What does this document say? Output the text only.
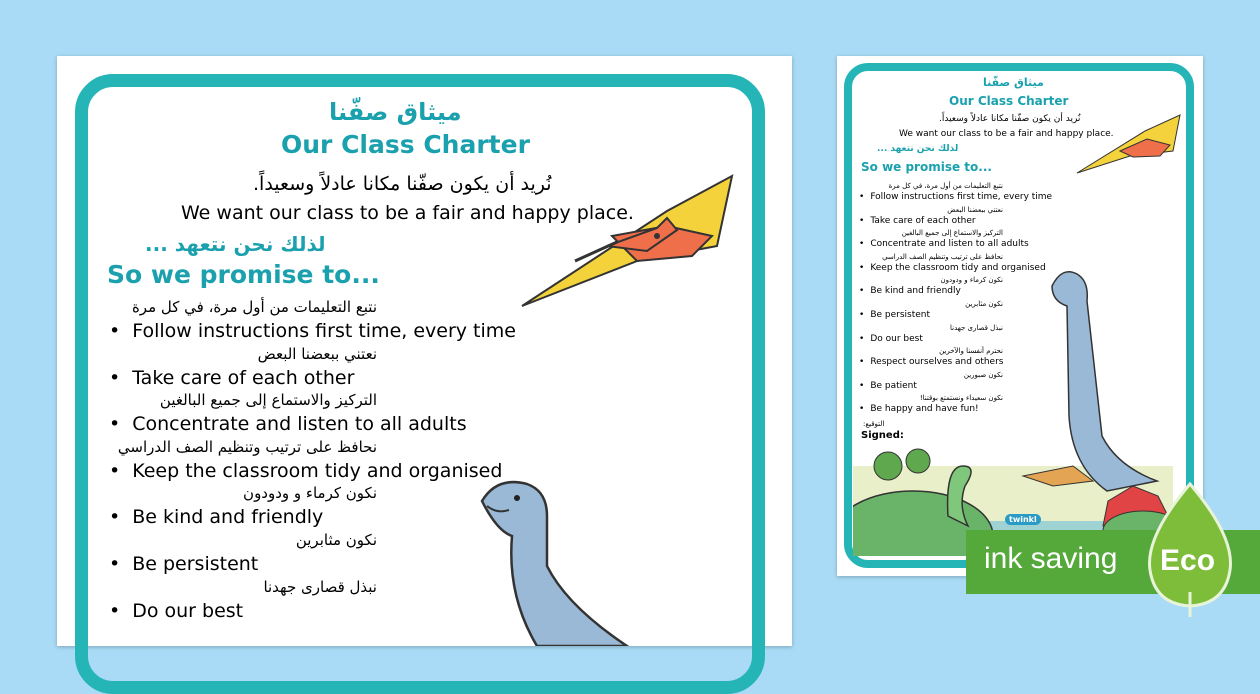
ميثاق صفّنا
Our Class Charter
نُريد أن يكون صفّنا مكانا عادلاً وسعيداً.
We want our class to be a fair and happy place.
لذلك نحن نتعهد ...
So we promise to...
نتبع التعليمات من أول مرة، في كل مرة
• Follow instructions first time, every time
نعتني ببعضنا البعض
• Take care of each other
التركيز والاستماع إلى جميع البالغين
• Concentrate and listen to all adults
نحافظ على ترتيب وتنظيم الصف الدراسي
• Keep the classroom tidy and organised
نكون كرماء و ودودون
• Be kind and friendly
نكون مثابرين
• Be persistent
نبذل قصارى جهدنا
• Do our best
ميثاق صفّنا
Our Class Charter
نُريد أن يكون صفّنا مكانا عادلاً وسعيداً.
We want our class to be a fair and happy place.
لذلك نحن نتعهد ...
So we promise to...
نتبع التعليمات من أول مرة، في كل مرة
• Follow instructions first time, every time
نعتني ببعضنا البعض
• Take care of each other
التركيز والاستماع إلى جميع البالغين
• Concentrate and listen to all adults
نحافظ على ترتيب وتنظيم الصف الدراسي
• Keep the classroom tidy and organised
نكون كرماء و ودودون
• Be kind and friendly
نكون مثابرين
• Be persistent
نبذل قصارى جهدنا
• Do our best
نحترم أنفسنا والآخرين
• Respect ourselves and others
نكون صبورين
• Be patient
نكون سعيداء ونستمتع بوقتنا!
• Be happy and have fun!
التوقيع:
Signed:
twinkl
ink saving Eco
